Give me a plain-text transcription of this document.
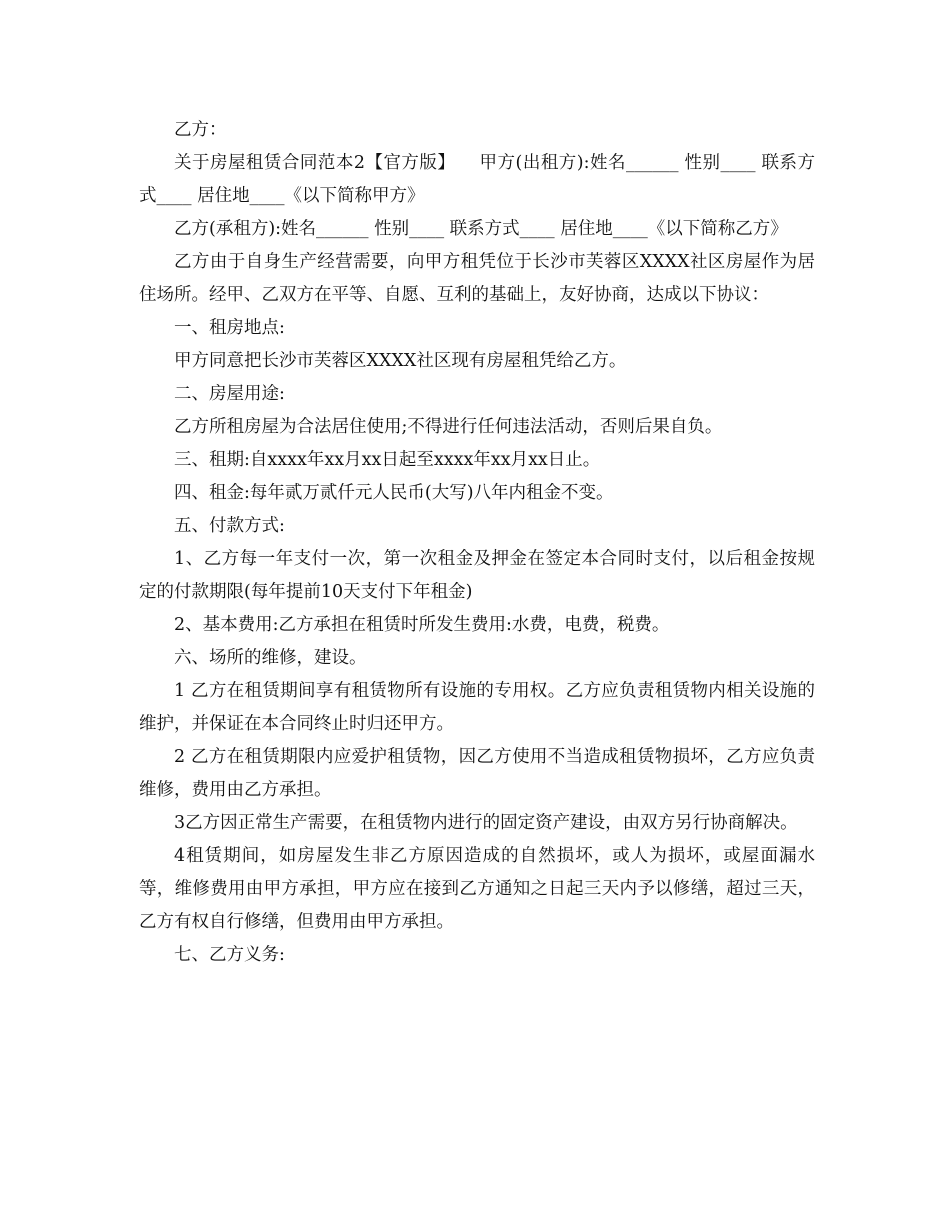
乙方：

关于房屋租赁合同范本2【官方版】    甲方(出租方):姓名______ 性别____ 联系方式____ 居住地____《以下简称甲方》

乙方(承租方):姓名______ 性别____ 联系方式____ 居住地____《以下简称乙方》

乙方由于自身生产经营需要，向甲方租凭位于长沙市芙蓉区XXXX社区房屋作为居住场所。经甲、乙双方在平等、自愿、互利的基础上，友好协商，达成以下协议：

一、租房地点:

甲方同意把长沙市芙蓉区XXXX社区现有房屋租凭给乙方。

二、房屋用途:

乙方所租房屋为合法居住使用;不得进行任何违法活动，否则后果自负。

三、租期:自xxxx年xx月xx日起至xxxx年xx月xx日止。

四、租金:每年贰万贰仟元人民币(大写)八年内租金不变。

五、付款方式:

1、乙方每一年支付一次，第一次租金及押金在签定本合同时支付，以后租金按规定的付款期限(每年提前10天支付下年租金)

2、基本费用:乙方承担在租赁时所发生费用:水费，电费，税费。

六、场所的维修，建设。

1 乙方在租赁期间享有租赁物所有设施的专用权。乙方应负责租赁物内相关设施的维护，并保证在本合同终止时归还甲方。

2 乙方在租赁期限内应爱护租赁物，因乙方使用不当造成租赁物损坏，乙方应负责维修，费用由乙方承担。

3乙方因正常生产需要，在租赁物内进行的固定资产建设，由双方另行协商解决。

4租赁期间，如房屋发生非乙方原因造成的自然损坏，或人为损坏，或屋面漏水等，维修费用由甲方承担，甲方应在接到乙方通知之日起三天内予以修缮，超过三天，乙方有权自行修缮，但费用由甲方承担。

七、乙方义务:
